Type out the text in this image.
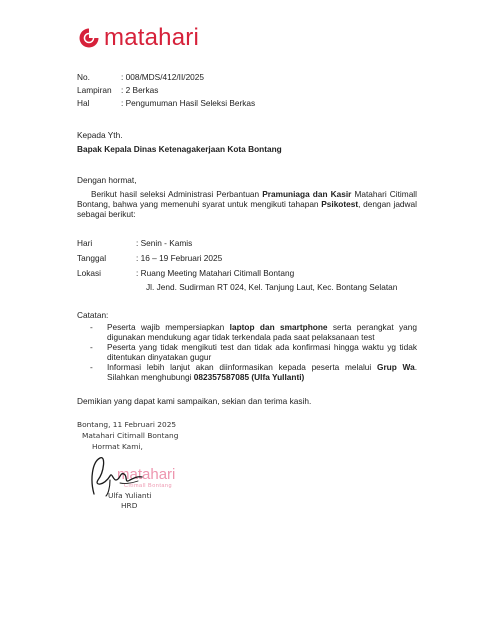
matahari
No.	: 008/MDS/412/II/2025
Lampiran : 2 Berkas
Hal	: Pengumuman Hasil Seleksi Berkas
Kepada Yth.
Bapak Kepala Dinas Ketenagakerjaan Kota Bontang
Dengan hormat,
Berikut hasil seleksi Administrasi Perbantuan Pramuniaga dan Kasir Matahari Citimall Bontang, bahwa yang memenuhi syarat untuk mengikuti tahapan Psikotest, dengan jadwal sebagai berikut:
Hari	: Senin - Kamis
Tanggal	: 16 – 19 Februari 2025
Lokasi	: Ruang Meeting Matahari Citimall Bontang
Jl. Jend. Sudirman RT 024, Kel. Tanjung Laut, Kec. Bontang Selatan
Catatan:
- Peserta wajib mempersiapkan laptop dan smartphone serta perangkat yang digunakan mendukung agar tidak terkendala pada saat pelaksanaan test
- Peserta yang tidak mengikuti test dan tidak ada konfirmasi hingga waktu yg tidak ditentukan dinyatakan gugur
- Informasi lebih lanjut akan diinformasikan kepada peserta melalui Grup Wa. Silahkan menghubungi 082357587085 (Ulfa Yullanti)
Demikian yang dapat kami sampaikan, sekian dan terima kasih.
Bontang, 11 Februari 2025
Matahari Citimall Bontang
Hormat Kami,
matahari
Citimall Bontang
Ulfa Yulianti
HRD
